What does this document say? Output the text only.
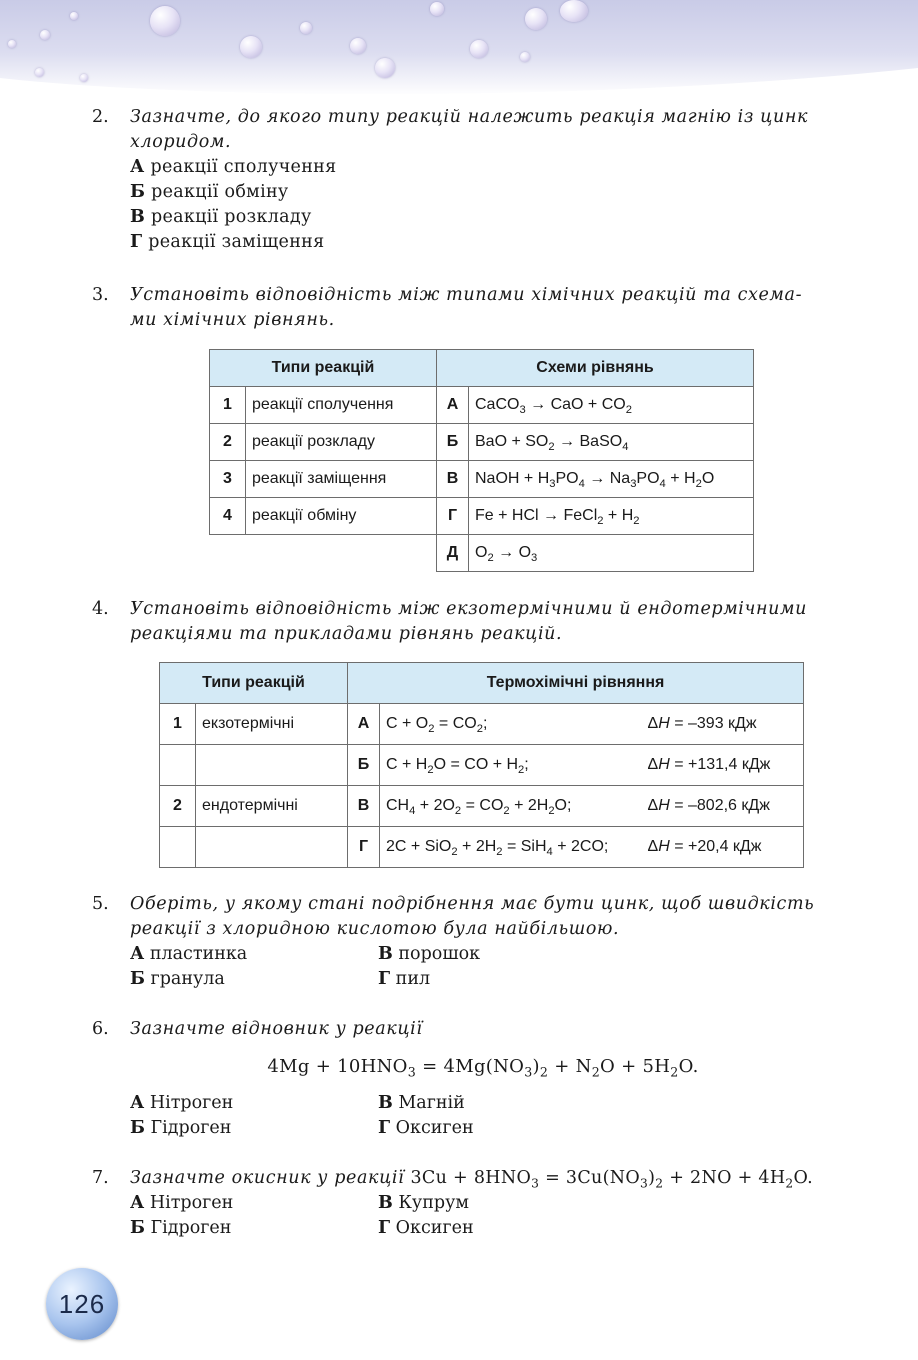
2.	Зазначте, до якого типу реакцій належить реакція магнію із цинк хлоридом.
А реакції сполучення
Б реакції обміну
В реакції розкладу
Г реакції заміщення
3.	Установіть відповідність між типами хімічних реакцій та схема-
ми хімічних рівнянь.
Типи реакцій		Схеми рівнянь	
1	реакції сполучення	А	CaCO$_3$ → CaO + $CO_2$
2	реакції розкладу	Б	BaO + $SO_2$ → BaSO$_4$
3	реакції заміщення	В	NaOH + $H_3PO_4 \to Na_3PO_4 + H_2O$
4	реакції обміну	Г	Fe + HCl → FeCl$_2$ + $H_2$
		Д	$O_2 \to O_3$
4.	Установіть відповідність між екзотермічними й ендотермічними
реакціями та прикладами рівнянь реакцій.
Типи реакцій		Термохімічні рівняння		
1	екзотермічні	А	$C + O_2 = CO_2$;	ΔH = –393 кДж
		Б	$C + H_2O$ = CO + $H_2$;	ΔH = +131,4 кДж
2	ендотермічні	В	$CH_4 + 2O_2 = CO_2 + 2H_2O$;	ΔH = –802,6 кДж
		Г	$2C + SiO_2 + 2H_2 = SiH_4 + 2CO$;	ΔH = +20,4 кДж
5.	Оберіть, у якому стані подрібнення має бути цинк, щоб швидкість
реакції з хлоридною кислотою була найбільшою.
А пластинка	В порошок
Б гранула	Г пил
6.	Зазначте відновник у реакції
$4Mg + 10HNO_3 = 4Mg(NO_3)_2 + N_2O + 5H_2O$.
А Нітроген	В Магній
Б Гідроген	Г Оксиген
7.	Зазначте окисник у реакції $3Cu + 8HNO_3 = 3Cu(NO_3)_2 + 2NO + 4H_2O$.
А Нітроген	В Купрум
Б Гідроген	Г Оксиген
126
